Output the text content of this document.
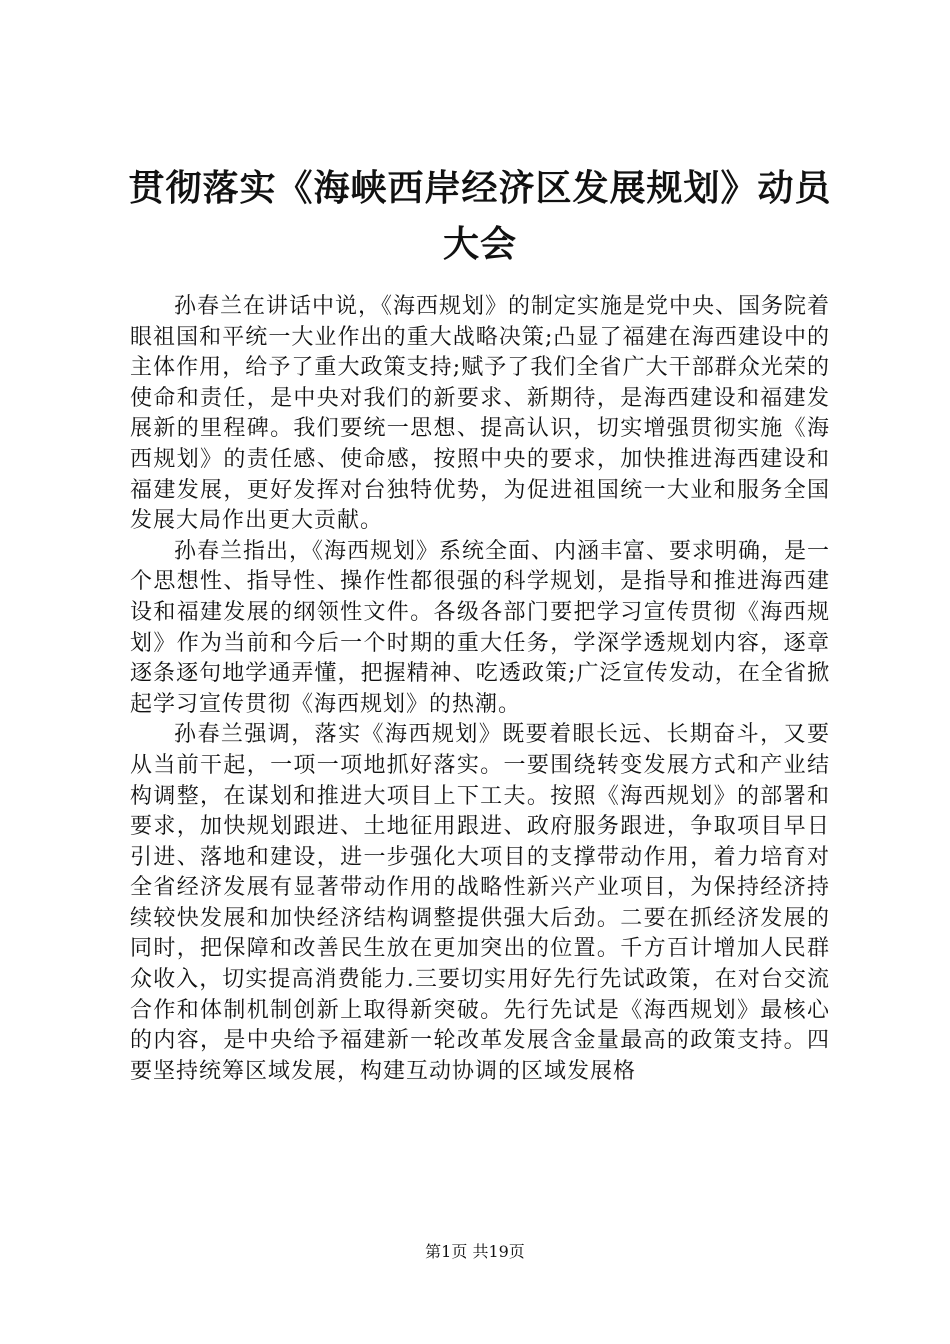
贯彻落实《海峡西岸经济区发展规划》动员大会

孙春兰在讲话中说，《海西规划》的制定实施是党中央、国务院着眼祖国和平统一大业作出的重大战略决策;凸显了福建在海西建设中的主体作用，给予了重大政策支持;赋予了我们全省广大干部群众光荣的使命和责任，是中央对我们的新要求、新期待，是海西建设和福建发展新的里程碑。我们要统一思想、提高认识，切实增强贯彻实施《海西规划》的责任感、使命感，按照中央的要求，加快推进海西建设和福建发展，更好发挥对台独特优势，为促进祖国统一大业和服务全国发展大局作出更大贡献。

孙春兰指出，《海西规划》系统全面、内涵丰富、要求明确，是一个思想性、指导性、操作性都很强的科学规划，是指导和推进海西建设和福建发展的纲领性文件。各级各部门要把学习宣传贯彻《海西规划》作为当前和今后一个时期的重大任务，学深学透规划内容，逐章逐条逐句地学通弄懂，把握精神、吃透政策;广泛宣传发动，在全省掀起学习宣传贯彻《海西规划》的热潮。

孙春兰强调，落实《海西规划》既要着眼长远、长期奋斗，又要从当前干起，一项一项地抓好落实。一要围绕转变发展方式和产业结构调整，在谋划和推进大项目上下工夫。按照《海西规划》的部署和要求，加快规划跟进、土地征用跟进、政府服务跟进，争取项目早日引进、落地和建设，进一步强化大项目的支撑带动作用，着力培育对全省经济发展有显著带动作用的战略性新兴产业项目，为保持经济持续较快发展和加快经济结构调整提供强大后劲。二要在抓经济发展的同时，把保障和改善民生放在更加突出的位置。千方百计增加人民群众收入，切实提高消费能力.三要切实用好先行先试政策，在对台交流合作和体制机制创新上取得新突破。先行先试是《海西规划》最核心的内容，是中央给予福建新一轮改革发展含金量最高的政策支持。四要坚持统筹区域发展，构建互动协调的区域发展格

第1页 共19页
